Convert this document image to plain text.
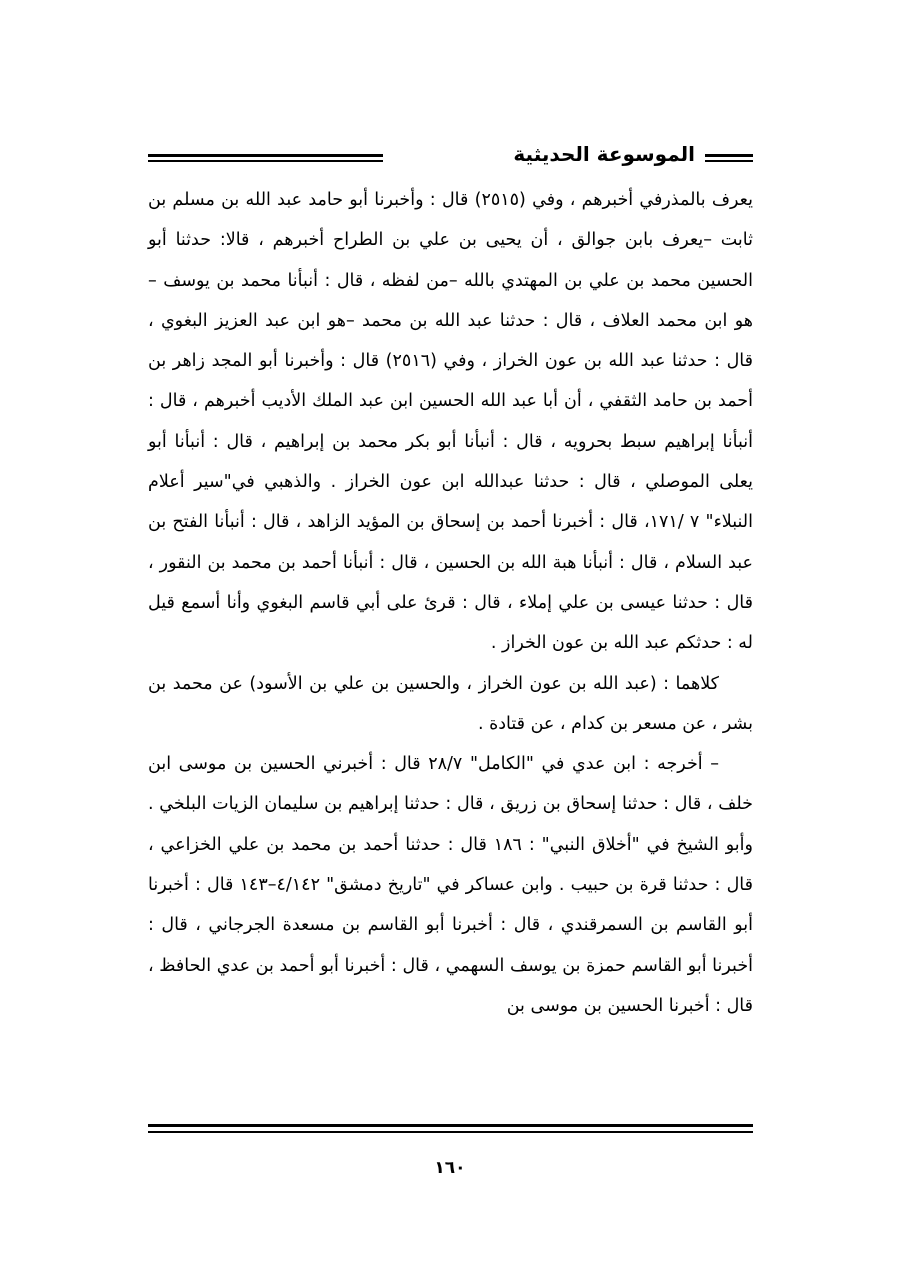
الموسوعة الحديثية

يعرف بالمذرفي أخبرهم ، وفي (٢٥١٥) قال : وأخبرنا أبو حامد عبد الله بن مسلم بن ثابت –يعرف بابن جوالق ، أن يحيى بن علي بن الطراح أخبرهم ، قالا: حدثنا أبو الحسين محمد بن علي بن المهتدي بالله –من لفظه ، قال : أنبأنا محمد بن يوسف –هو ابن محمد العلاف ، قال : حدثنا عبد الله بن محمد –هو ابن عبد العزيز البغوي ، قال : حدثنا عبد الله بن عون الخراز ، وفي (٢٥١٦) قال : وأخبرنا أبو المجد زاهر بن أحمد بن حامد الثقفي ، أن أبا عبد الله الحسين ابن عبد الملك الأديب أخبرهم ، قال : أنبأنا إبراهيم سبط بحرويه ، قال : أنبأنا أبو بكر محمد بن إبراهيم ، قال : أنبأنا أبو يعلى الموصلي ، قال : حدثنا عبدالله ابن عون الخراز . والذهبي في"سير أعلام النبلاء" ٧ /١٧١، قال : أخبرنا أحمد بن إسحاق بن المؤيد الزاهد ، قال : أنبأنا الفتح بن عبد السلام ، قال : أنبأنا هبة الله بن الحسين ، قال : أنبأنا أحمد بن محمد بن النقور ، قال : حدثنا عيسى بن علي إملاء ، قال : قرئ على أبي قاسم البغوي وأنا أسمع قيل له : حدثكم عبد الله بن عون الخراز .

كلاهما : (عبد الله بن عون الخراز ، والحسين بن علي بن الأسود) عن محمد بن بشر ، عن مسعر بن كدام ، عن قتادة .

– أخرجه : ابن عدي في "الكامل" ٢٨/٧ قال : أخبرني الحسين بن موسى ابن خلف ، قال : حدثنا إسحاق بن زريق ، قال : حدثنا إبراهيم بن سليمان الزيات البلخي . وأبو الشيخ في "أخلاق النبي" : ١٨٦ قال : حدثنا أحمد بن محمد بن علي الخزاعي ، قال : حدثنا قرة بن حبيب . وابن عساكر في "تاريخ دمشق" ٤/١٤٢–١٤٣ قال : أخبرنا أبو القاسم بن السمرقندي ، قال : أخبرنا أبو القاسم بن مسعدة الجرجاني ، قال : أخبرنا أبو القاسم حمزة بن يوسف السهمي ، قال : أخبرنا أبو أحمد بن عدي الحافظ ، قال : أخبرنا الحسين بن موسى بن

١٦٠
